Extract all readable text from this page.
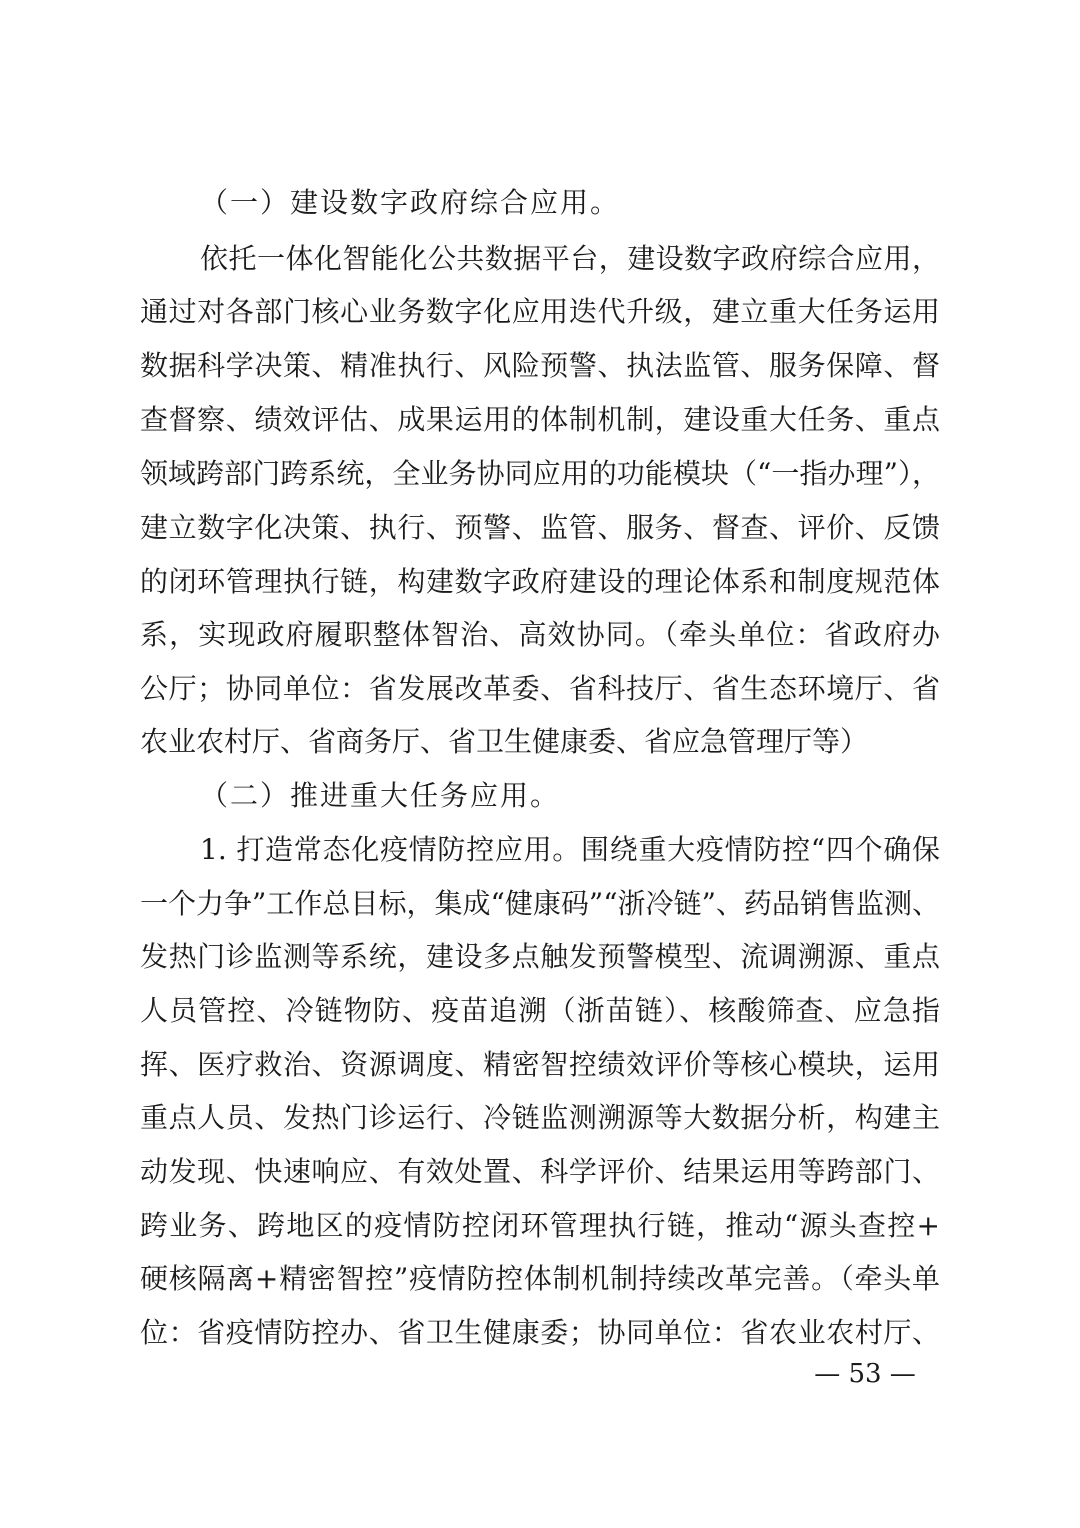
（一）建设数字政府综合应用。
依托一体化智能化公共数据平台，建设数字政府综合应用，
通过对各部门核心业务数字化应用迭代升级，建立重大任务运用
数据科学决策、精准执行、风险预警、执法监管、服务保障、督
查督察、绩效评估、成果运用的体制机制，建设重大任务、重点
领域跨部门跨系统，全业务协同应用的功能模块（“一指办理”），
建立数字化决策、执行、预警、监管、服务、督查、评价、反馈
的闭环管理执行链，构建数字政府建设的理论体系和制度规范体
系，实现政府履职整体智治、高效协同。（牵头单位：省政府办
公厅；协同单位：省发展改革委、省科技厅、省生态环境厅、省
农业农村厅、省商务厅、省卫生健康委、省应急管理厅等）
（二）推进重大任务应用。
1. 打造常态化疫情防控应用。围绕重大疫情防控“四个确保
一个力争”工作总目标，集成“健康码”“浙冷链”、药品销售监测、
发热门诊监测等系统，建设多点触发预警模型、流调溯源、重点
人员管控、冷链物防、疫苗追溯（浙苗链）、核酸筛查、应急指
挥、医疗救治、资源调度、精密智控绩效评价等核心模块，运用
重点人员、发热门诊运行、冷链监测溯源等大数据分析，构建主
动发现、快速响应、有效处置、科学评价、结果运用等跨部门、
跨业务、跨地区的疫情防控闭环管理执行链，推动“源头查控+
硬核隔离+精密智控”疫情防控体制机制持续改革完善。（牵头单
位：省疫情防控办、省卫生健康委；协同单位：省农业农村厅、
— 53 —
